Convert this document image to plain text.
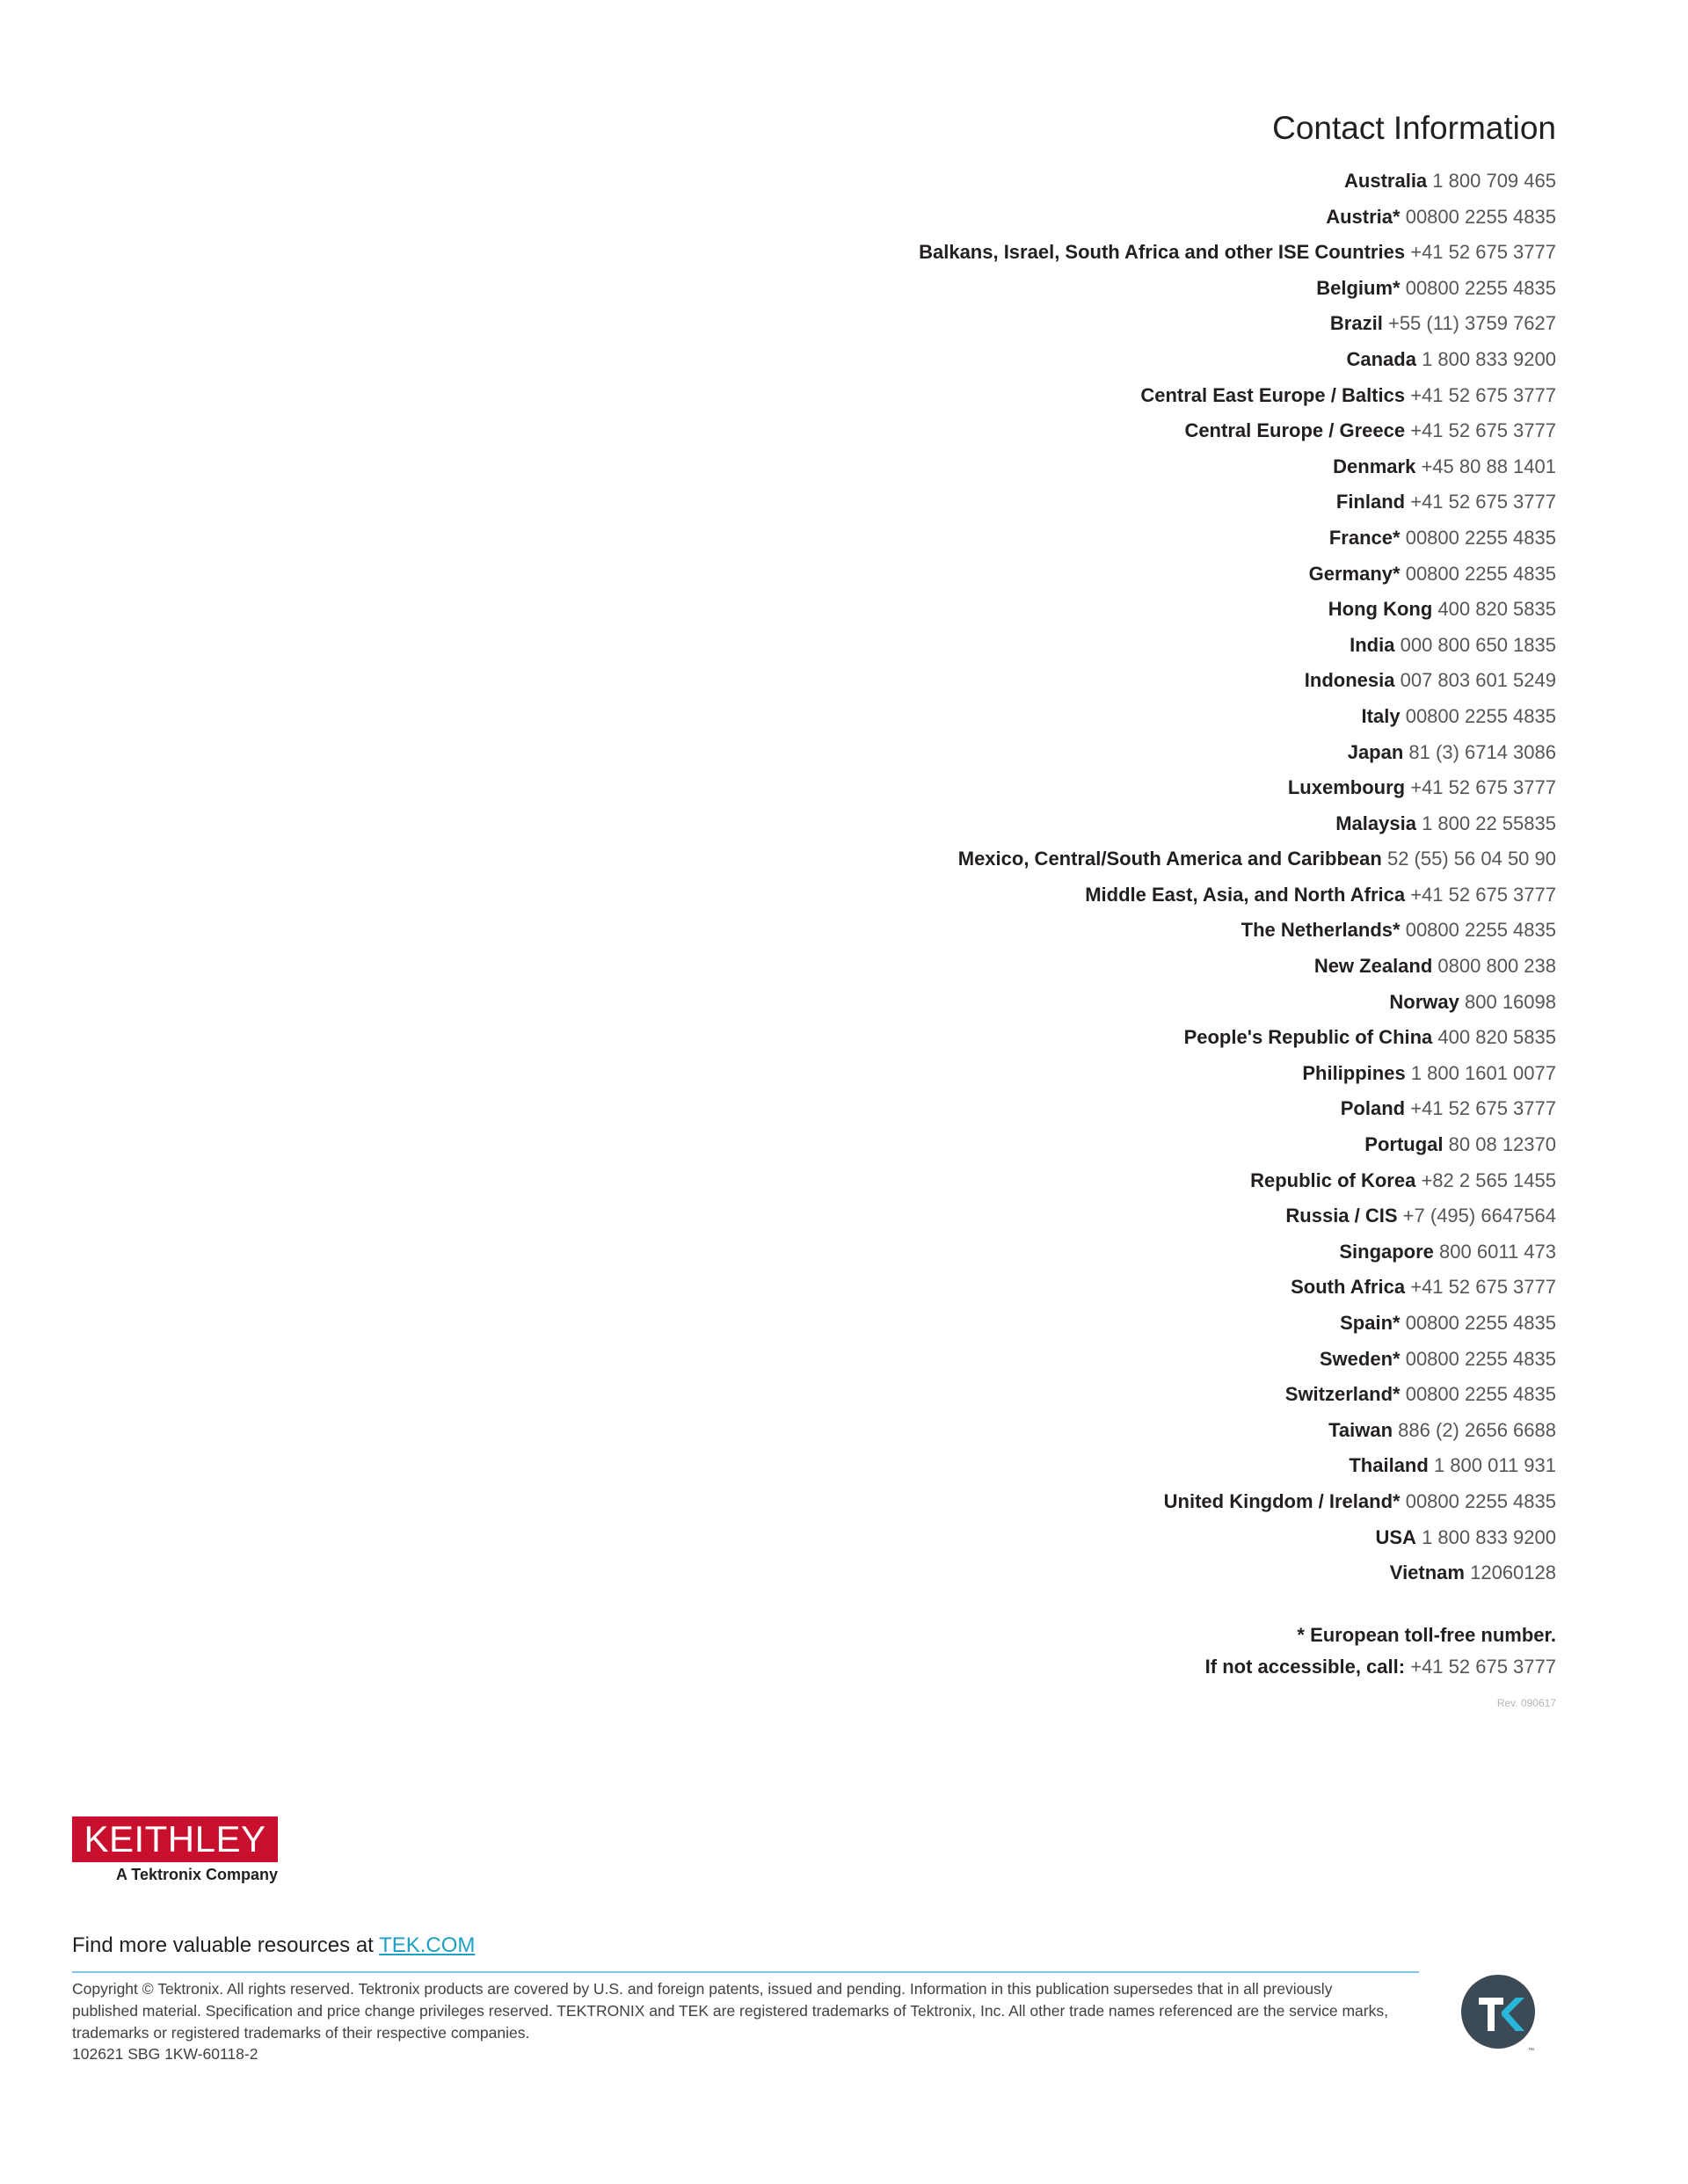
Contact Information
Australia 1 800 709 465
Austria* 00800 2255 4835
Balkans, Israel, South Africa and other ISE Countries +41 52 675 3777
Belgium* 00800 2255 4835
Brazil +55 (11) 3759 7627
Canada 1 800 833 9200
Central East Europe / Baltics +41 52 675 3777
Central Europe / Greece +41 52 675 3777
Denmark +45 80 88 1401
Finland +41 52 675 3777
France* 00800 2255 4835
Germany* 00800 2255 4835
Hong Kong 400 820 5835
India 000 800 650 1835
Indonesia 007 803 601 5249
Italy 00800 2255 4835
Japan 81 (3) 6714 3086
Luxembourg +41 52 675 3777
Malaysia 1 800 22 55835
Mexico, Central/South America and Caribbean 52 (55) 56 04 50 90
Middle East, Asia, and North Africa +41 52 675 3777
The Netherlands* 00800 2255 4835
New Zealand 0800 800 238
Norway 800 16098
People's Republic of China 400 820 5835
Philippines 1 800 1601 0077
Poland +41 52 675 3777
Portugal 80 08 12370
Republic of Korea +82 2 565 1455
Russia / CIS +7 (495) 6647564
Singapore 800 6011 473
South Africa +41 52 675 3777
Spain* 00800 2255 4835
Sweden* 00800 2255 4835
Switzerland* 00800 2255 4835
Taiwan 886 (2) 2656 6688
Thailand 1 800 011 931
United Kingdom / Ireland* 00800 2255 4835
USA 1 800 833 9200
Vietnam 12060128
* European toll-free number.
If not accessible, call: +41 52 675 3777
Rev. 090617
KEITHLEY
A Tektronix Company
Find more valuable resources at TEK.COM
Copyright © Tektronix. All rights reserved. Tektronix products are covered by U.S. and foreign patents, issued and pending. Information in this publication supersedes that in all previously published material. Specification and price change privileges reserved. TEKTRONIX and TEK are registered trademarks of Tektronix, Inc. All other trade names referenced are the service marks, trademarks or registered trademarks of their respective companies.
102621 SBG 1KW-60118-2	™
